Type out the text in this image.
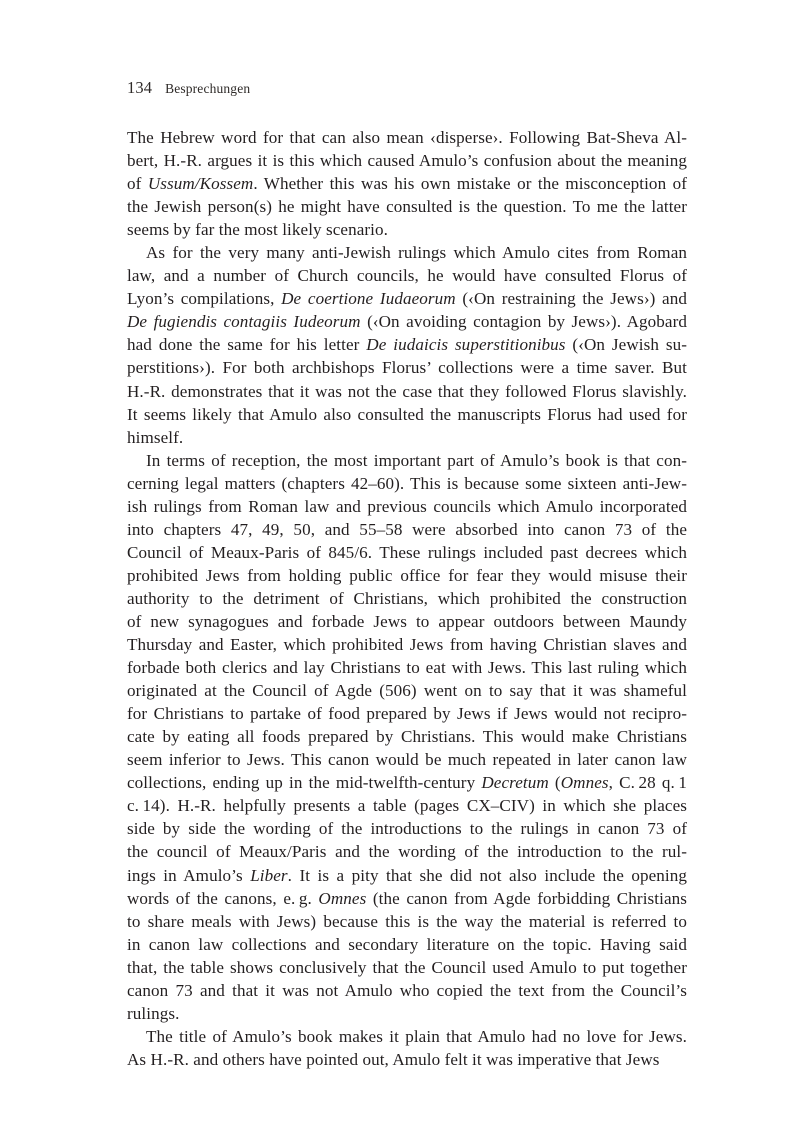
134 Besprechungen

The Hebrew word for that can also mean ‹disperse›. Following Bat-Sheva Al-
bert, H.-R. argues it is this which caused Amulo’s confusion about the meaning
of Ussum/Kossem. Whether this was his own mistake or the misconception of
the Jewish person(s) he might have consulted is the question. To me the latter
seems by far the most likely scenario.

As for the very many anti-Jewish rulings which Amulo cites from Roman
law, and a number of Church councils, he would have consulted Florus of
Lyon’s compilations, De coertione Iudaeorum (‹On restraining the Jews›) and
De fugiendis contagiis Iudeorum (‹On avoiding contagion by Jews›). Agobard
had done the same for his letter De iudaicis superstitionibus (‹On Jewish su-
perstitions›). For both archbishops Florus’ collections were a time saver. But
H.-R. demonstrates that it was not the case that they followed Florus slavishly.
It seems likely that Amulo also consulted the manuscripts Florus had used for
himself.

In terms of reception, the most important part of Amulo’s book is that con-
cerning legal matters (chapters 42–60). This is because some sixteen anti-Jew-
ish rulings from Roman law and previous councils which Amulo incorporated
into chapters 47, 49, 50, and 55–58 were absorbed into canon 73 of the
Council of Meaux-Paris of 845/6. These rulings included past decrees which
prohibited Jews from holding public office for fear they would misuse their
authority to the detriment of Christians, which prohibited the construction
of new synagogues and forbade Jews to appear outdoors between Maundy
Thursday and Easter, which prohibited Jews from having Christian slaves and
forbade both clerics and lay Christians to eat with Jews. This last ruling which
originated at the Council of Agde (506) went on to say that it was shameful
for Christians to partake of food prepared by Jews if Jews would not recipro-
cate by eating all foods prepared by Christians. This would make Christians
seem inferior to Jews. This canon would be much repeated in later canon law
collections, ending up in the mid-twelfth-century Decretum (Omnes, C. 28 q. 1
c. 14). H.-R. helpfully presents a table (pages CX–CIV) in which she places
side by side the wording of the introductions to the rulings in canon 73 of
the council of Meaux/Paris and the wording of the introduction to the rul-
ings in Amulo’s Liber. It is a pity that she did not also include the opening
words of the canons, e. g. Omnes (the canon from Agde forbidding Christians
to share meals with Jews) because this is the way the material is referred to
in canon law collections and secondary literature on the topic. Having said
that, the table shows conclusively that the Council used Amulo to put together
canon 73 and that it was not Amulo who copied the text from the Council’s
rulings.

The title of Amulo’s book makes it plain that Amulo had no love for Jews.
As H.-R. and others have pointed out, Amulo felt it was imperative that Jews
